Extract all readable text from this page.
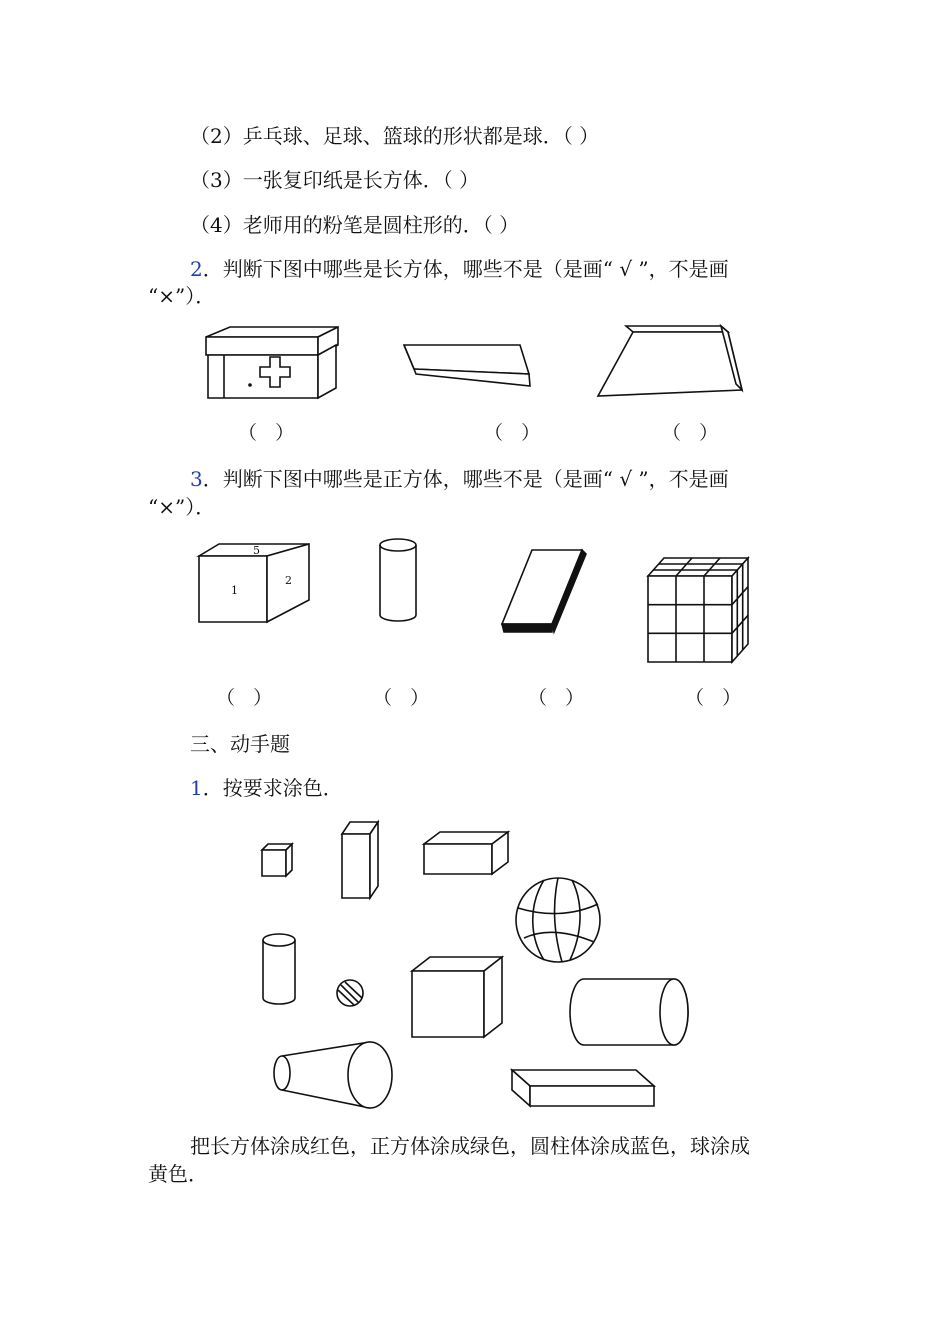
（2）乒乓球、足球、篮球的形状都是球．（ ）
（3）一张复印纸是长方体．（ ）
（4）老师用的粉笔是圆柱形的．（ ）
2．判断下图中哪些是长方体，哪些不是（是画“ √ ”，不是画
“×”）．
（   ）	（   ）	（   ）
3．判断下图中哪些是正方体，哪些不是（是画“ √ ”，不是画
“×”）．
5
1
2
（   ）	（   ）	（   ）	（   ）
三、动手题
1．按要求涂色．
把长方体涂成红色，正方体涂成绿色，圆柱体涂成蓝色，球涂成
黄色．
